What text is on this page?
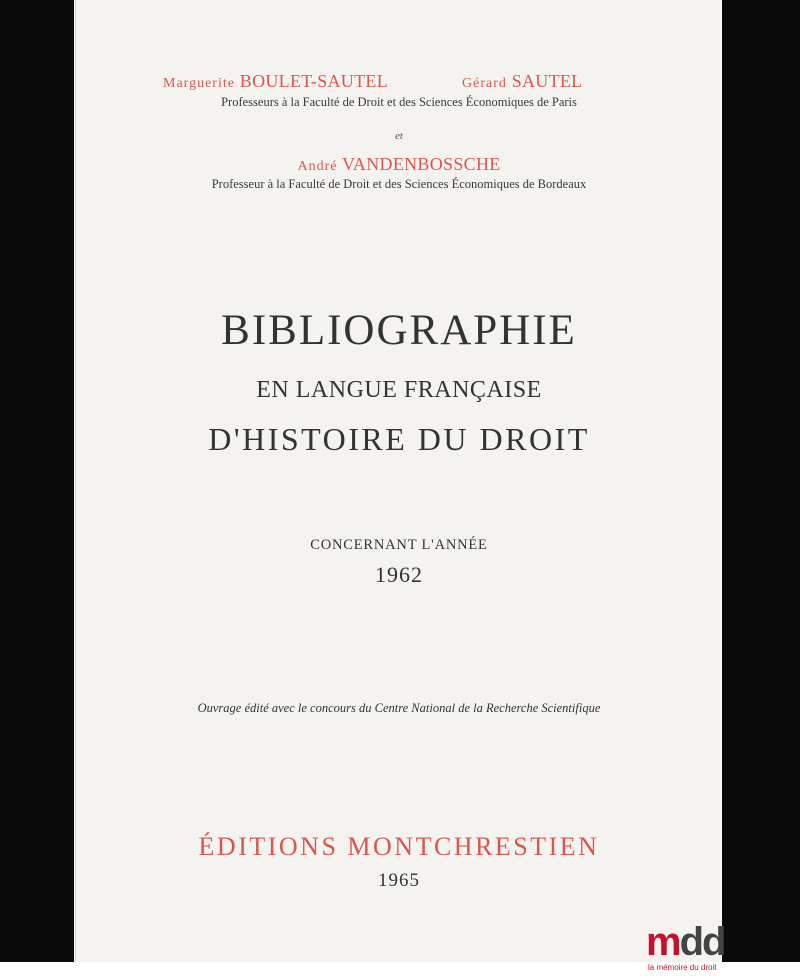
Marguerite BOULET-SAUTEL	Gérard SAUTEL
Professeurs à la Faculté de Droit et des Sciences Économiques de Paris
et
André VANDENBOSSCHE
Professeur à la Faculté de Droit et des Sciences Économiques de Bordeaux
BIBLIOGRAPHIE
EN LANGUE FRANÇAISE
D'HISTOIRE DU DROIT
CONCERNANT L'ANNÉE
1962
Ouvrage édité avec le concours du Centre National de la Recherche Scientifique
ÉDITIONS MONTCHRESTIEN
1965
mdd
la mémoire du droit
